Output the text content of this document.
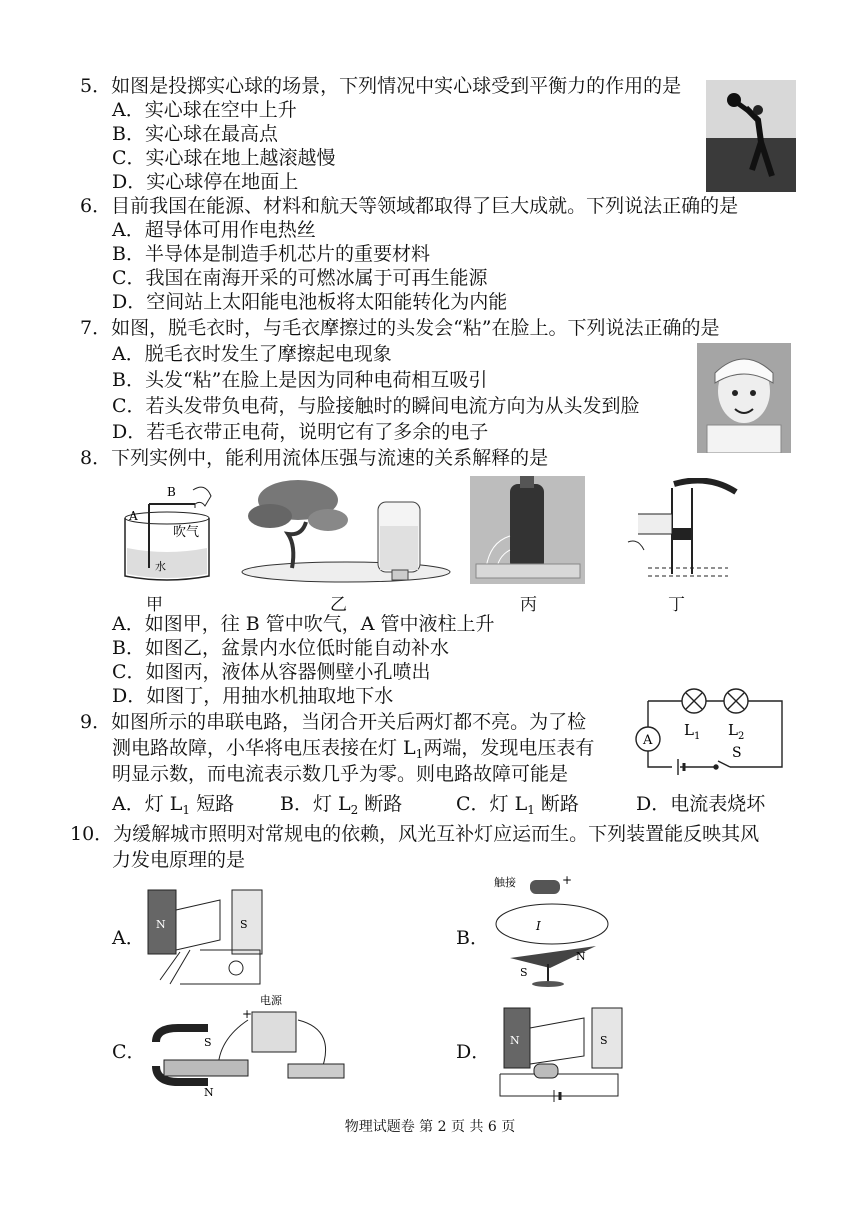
5．如图是投掷实心球的场景，下列情况中实心球受到平衡力的作用的是
A．实心球在空中上升
B．实心球在最高点
C．实心球在地上越滚越慢
D．实心球停在地面上
6．目前我国在能源、材料和航天等领域都取得了巨大成就。下列说法正确的是
A．超导体可用作电热丝
B．半导体是制造手机芯片的重要材料
C．我国在南海开采的可燃冰属于可再生能源
D．空间站上太阳能电池板将太阳能转化为内能
7．如图，脱毛衣时，与毛衣摩擦过的头发会“粘”在脸上。下列说法正确的是
A．脱毛衣时发生了摩擦起电现象
B．头发“粘”在脸上是因为同种电荷相互吸引
C．若头发带负电荷，与脸接触时的瞬间电流方向为从头发到脸
D．若毛衣带正电荷，说明它有了多余的电子
8．下列实例中，能利用流体压强与流速的关系解释的是
A
B
吹气
水
甲	乙	丙	丁
A．如图甲，往 B 管中吹气，A 管中液柱上升
B．如图乙，盆景内水位低时能自动补水
C．如图丙，液体从容器侧壁小孔喷出
D．如图丁，用抽水机抽取地下水
9．如图所示的串联电路，当闭合开关后两灯都不亮。为了检
测电路故障，小华将电压表接在灯 $L_1$两端，发现电压表有
明显示数，而电流表示数几乎为零。则电路故障可能是
A．灯 $L_1$ 短路 B．灯 $L_2$ 断路	C．灯 $L_1$ 断路	D．电流表烧坏
A
$L_1$ $L_2$
S
10．为缓解城市照明对常规电的依赖，风光互补灯应运而生。下列装置能反映其风
力发电原理的是
A．
N	S
B．
触接	+
I
S
N
C．
电源
+
S
N
D．
N	S
物理试题卷 第 2 页 共 6 页
